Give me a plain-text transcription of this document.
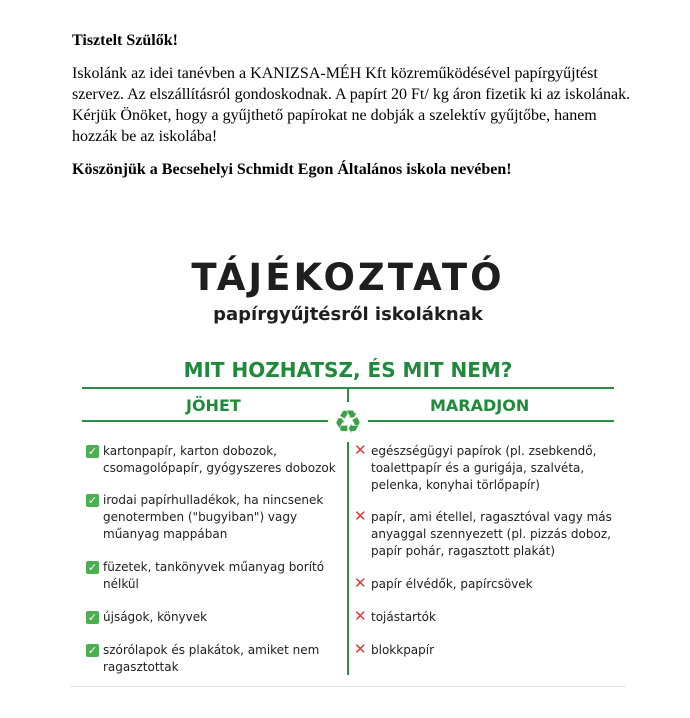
Tisztelt Szülők!

Iskolánk az idei tanévben a KANIZSA-MÉH Kft közreműködésével papírgyűjtést szervez. Az elszállításról gondoskodnak. A papírt 20 Ft/ kg áron fizetik ki az iskolának. Kérjük Önöket, hogy a gyűjthető papírokat ne dobják a szelektív gyűjtőbe, hanem hozzák be az iskolába!

Köszönjük a Becsehelyi Schmidt Egon Általános iskola nevében!

TÁJÉKOZTATÓ
papírgyűjtésről iskoláknak
MIT HOZHATSZ, ÉS MIT NEM?
JÖHET	MARADJON
♻
✓ kartonpapír, karton dobozok, csomagolópapír, gyógyszeres dobozok
✓ irodai papírhulladékok, ha nincsenek genotermben ("bugyiban") vagy műanyag mappában
✓ füzetek, tankönyvek műanyag borító nélkül
✓ újságok, könyvek
✓ szórólapok és plakátok, amiket nem ragasztottak
✕ egészségügyi papírok (pl. zsebkendő, toalettpapír és a gurigája, szalvéta, pelenka, konyhai törlőpapír)
✕ papír, ami étellel, ragasztóval vagy más anyaggal szennyezett (pl. pizzás doboz, papír pohár, ragasztott plakát)
✕ papír élvédők, papírcsövek
✕ tojástartók
✕ blokkpapír
